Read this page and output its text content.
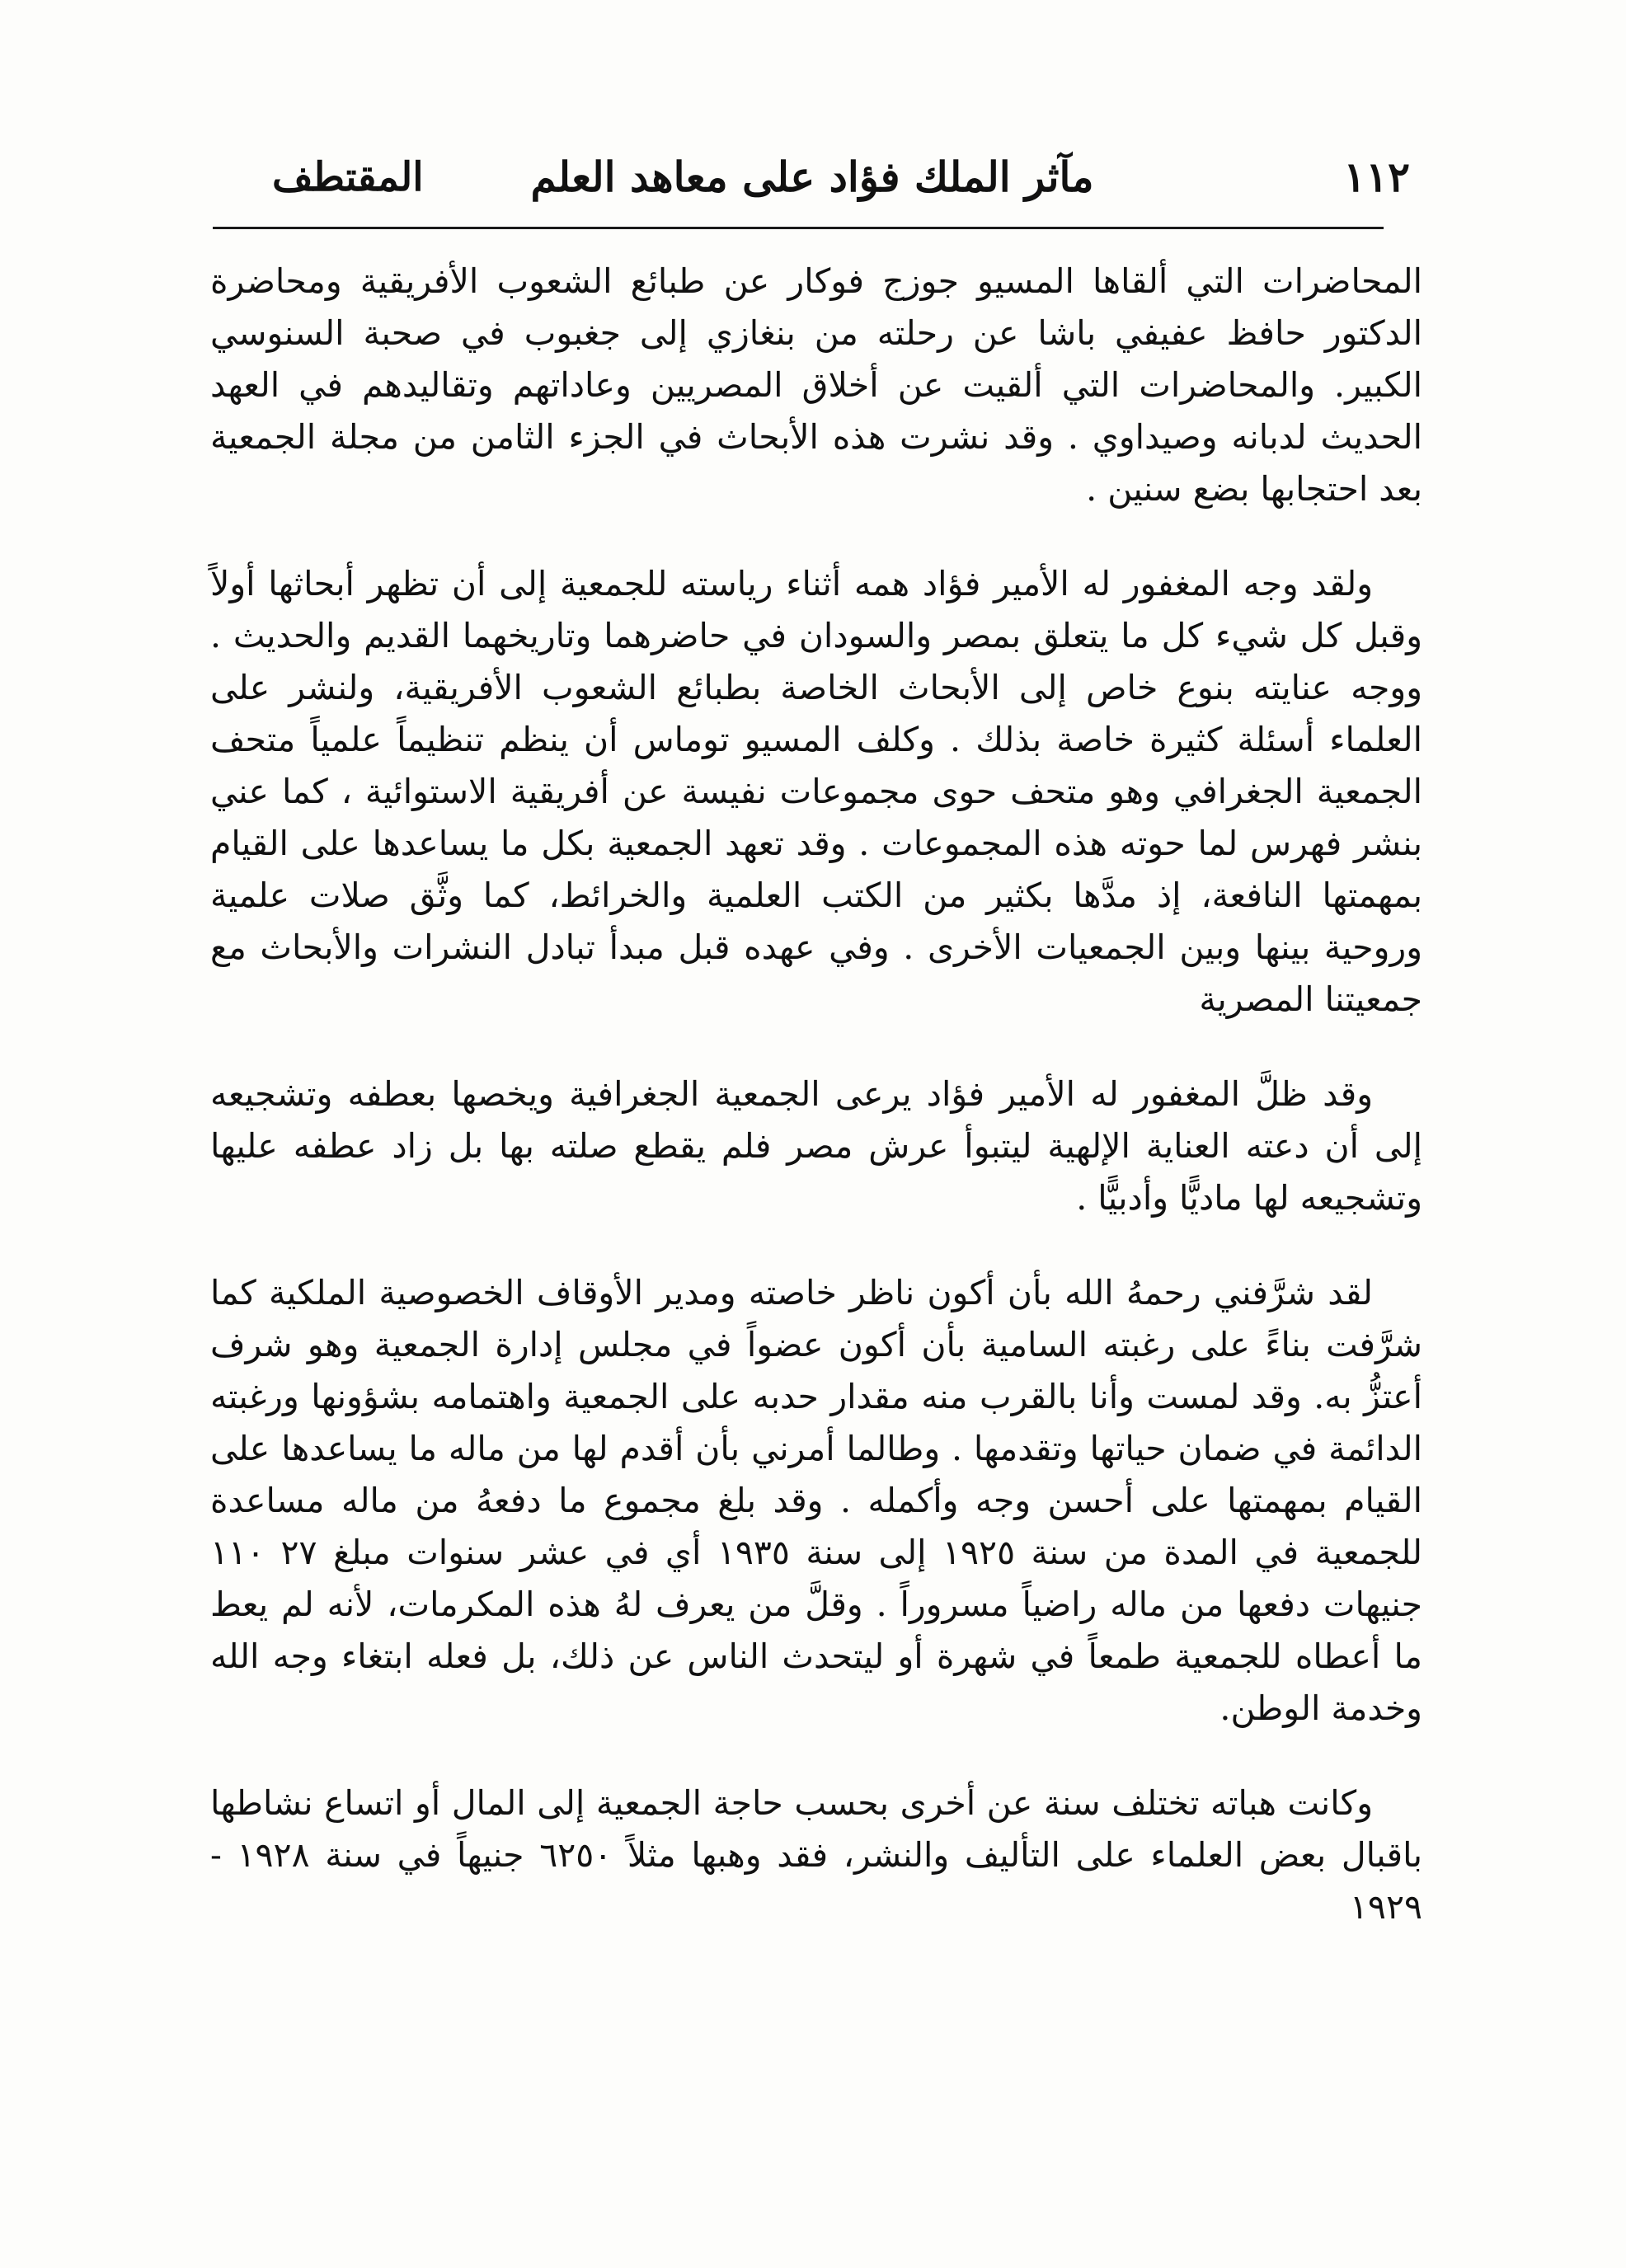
١١٢
مآثر الملك فؤاد على معاهد العلم
المقتطف

المحاضرات التي ألقاها المسيو جوزج فوكار عن طبائع الشعوب الأفريقية ومحاضرة الدكتور حافظ عفيفي باشا عن رحلته من بنغازي إلى جغبوب في صحبة السنوسي الكبير. والمحاضرات التي ألقيت عن أخلاق المصريين وعاداتهم وتقاليدهم في العهد الحديث لدبانه وصيداوي . وقد نشرت هذه الأبحاث في الجزء الثامن من مجلة الجمعية بعد احتجابها بضع سنين .

ولقد وجه المغفور له الأمير فؤاد همه أثناء رياسته للجمعية إلى أن تظهر أبحاثها أولاً وقبل كل شيء كل ما يتعلق بمصر والسودان في حاضرهما وتاريخهما القديم والحديث . ووجه عنايته بنوع خاص إلى الأبحاث الخاصة بطبائع الشعوب الأفريقية، ولنشر على العلماء أسئلة كثيرة خاصة بذلك . وكلف المسيو توماس أن ينظم تنظيماً علمياً متحف الجمعية الجغرافي وهو متحف حوى مجموعات نفيسة عن أفريقية الاستوائية ، كما عني بنشر فهرس لما حوته هذه المجموعات . وقد تعهد الجمعية بكل ما يساعدها على القيام بمهمتها النافعة، إذ مدَّها بكثير من الكتب العلمية والخرائط، كما وثَّق صلات علمية وروحية بينها وبين الجمعيات الأخرى . وفي عهده قبل مبدأ تبادل النشرات والأبحاث مع جمعيتنا المصرية

وقد ظلَّ المغفور له الأمير فؤاد يرعى الجمعية الجغرافية ويخصها بعطفه وتشجيعه إلى أن دعته العناية الإلهية ليتبوأ عرش مصر فلم يقطع صلته بها بل زاد عطفه عليها وتشجيعه لها ماديًّا وأدبيًّا .

لقد شرَّفني رحمهُ الله بأن أكون ناظر خاصته ومدير الأوقاف الخصوصية الملكية كما شرَّفت بناءً على رغبته السامية بأن أكون عضواً في مجلس إدارة الجمعية وهو شرف أعتزُّ به. وقد لمست وأنا بالقرب منه مقدار حدبه على الجمعية واهتمامه بشؤونها ورغبته الدائمة في ضمان حياتها وتقدمها . وطالما أمرني بأن أقدم لها من ماله ما يساعدها على القيام بمهمتها على أحسن وجه وأكمله . وقد بلغ مجموع ما دفعهُ من ماله مساعدة للجمعية في المدة من سنة ١٩٢٥ إلى سنة ١٩٣٥ أي في عشر سنوات مبلغ ٢٧ ١١٠ جنيهات دفعها من ماله راضياً مسروراً . وقلَّ من يعرف لهُ هذه المكرمات، لأنه لم يعط ما أعطاه للجمعية طمعاً في شهرة أو ليتحدث الناس عن ذلك، بل فعله ابتغاء وجه الله وخدمة الوطن.

وكانت هباته تختلف سنة عن أخرى بحسب حاجة الجمعية إلى المال أو اتساع نشاطها باقبال بعض العلماء على التأليف والنشر، فقد وهبها مثلاً ٦٢٥٠ جنيهاً في سنة ١٩٢٨ - ١٩٢٩
